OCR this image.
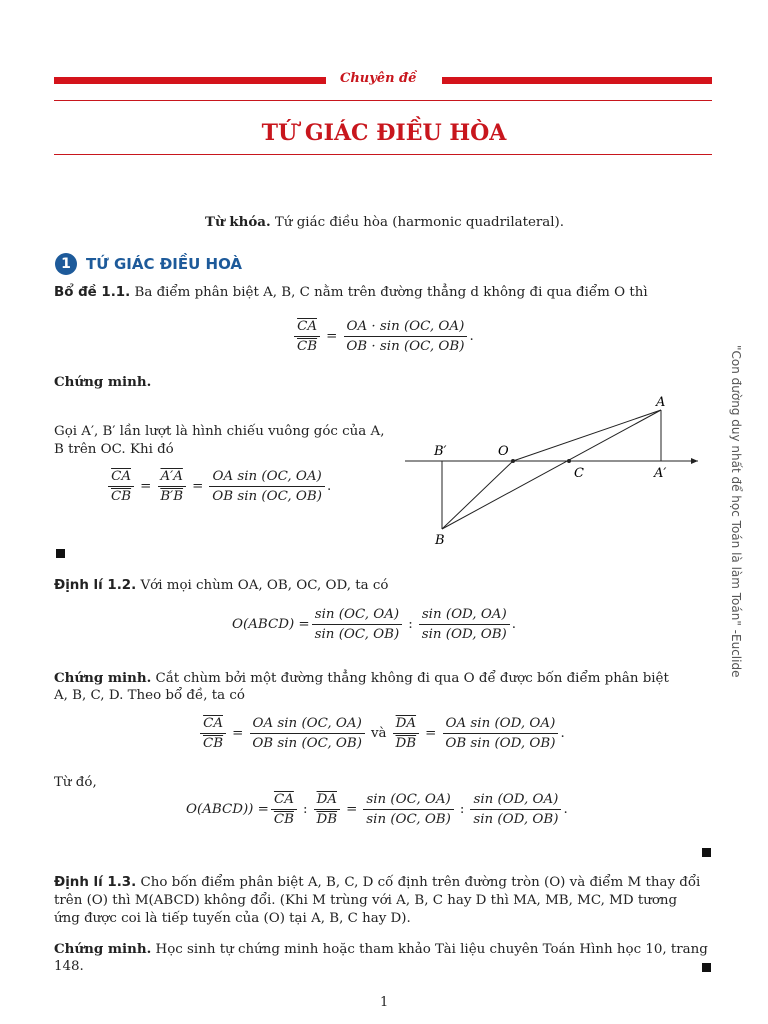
Chuyên đề
TỨ GIÁC ĐIỀU HÒA
Từ khóa. Tứ giác điều hòa (harmonic quadrilateral).
1	TỨ GIÁC ĐIỀU HOÀ

Bổ đề 1.1. Ba điểm phân biệt A, B, C nằm trên đường thẳng d không đi qua điểm O thì

$\frac{\overline{CA}}{CB} = \frac{OA \cdot \sin (OC, OA)}{OB \cdot \sin (OC, OB)}$ .
Chứng minh.

Gọi A′, B′ lần lượt là hình chiếu vuông góc của A,

B trên OC. Khi đó

$\frac{\overline{CA}}{CB} = \frac{A'A}{B'B} = \frac{\text{OA sin (OC, OA)}}{\text{OB sin (OC, OB)}}$ .
A
A′
B′	O
C
B

Định lí 1.2. Với mọi chùm OA, OB, OC, OD, ta có

O(ABCD) = $\frac{\sin (OC, OA)}{\sin (OC, OB)}$ : $\frac{\sin (OD, OA)}{\sin (OD, OB)}$ .

Chứng minh. Cắt chùm bởi một đường thẳng không đi qua O để được bốn điểm phân biệt

A, B, C, D. Theo bổ đề, ta có

$\frac{\overline{CA}}{CB} = \frac{\text{OA sin (OC, OA)}}{\text{OB sin (OC, OB)}}$ và $\frac{\overline{DA}}{DB} = \frac{\text{OA sin (OD, OA)}}{\text{OB sin (OD, OB)}}$ .

Từ đó,

O(ABCD)) = $\frac{\overline{CA}}{CB}$ : $\frac{\overline{DA}}{DB} = \frac{\sin (OC, OA)}{\sin (OC, OB)}$ : $\frac{\sin (OD, OA)}{\sin (OD, OB)}$ .

Định lí 1.3. Cho bốn điểm phân biệt A, B, C, D cố định trên đường tròn (O) và điểm M thay đổi

trên (O) thì M(ABCD) không đổi. (Khi M trùng với A, B, C hay D thì MA, MB, MC, MD tương

ứng được coi là tiếp tuyến của (O) tại A, B, C hay D).

Chứng minh. Học sinh tự chứng minh hoặc tham khảo Tài liệu chuyên Toán Hình học 10, trang

148.

1
"Con đường duy nhất để học Toán là làm Toán" -Euclide
